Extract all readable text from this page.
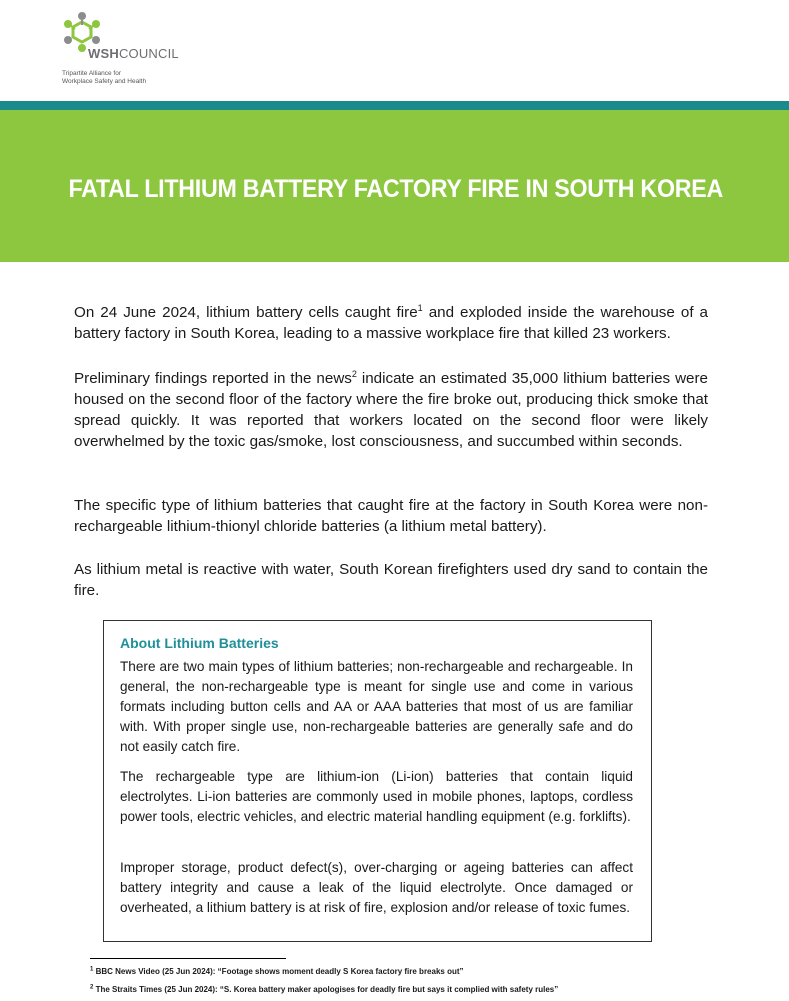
WSHCOUNCIL
Tripartite Alliance for
Workplace Safety and Health
FATAL LITHIUM BATTERY FACTORY FIRE IN SOUTH KOREA

On 24 June 2024, lithium battery cells caught fire$^1$ and exploded inside the warehouse of a battery factory in South Korea, leading to a massive workplace fire that killed 23 workers.

Preliminary findings reported in the news$^2$ indicate an estimated 35,000 lithium batteries were housed on the second floor of the factory where the fire broke out, producing thick smoke that spread quickly. It was reported that workers located on the second floor were likely overwhelmed by the toxic gas/smoke, lost consciousness, and succumbed within seconds.

The specific type of lithium batteries that caught fire at the factory in South Korea were non-rechargeable lithium-thionyl chloride batteries (a lithium metal battery).

As lithium metal is reactive with water, South Korean firefighters used dry sand to contain the fire.

About Lithium Batteries

There are two main types of lithium batteries; non-rechargeable and rechargeable. In general, the non-rechargeable type is meant for single use and come in various formats including button cells and AA or AAA batteries that most of us are familiar with. With proper single use, non-rechargeable batteries are generally safe and do not easily catch fire.

The rechargeable type are lithium-ion (Li-ion) batteries that contain liquid electrolytes. Li-ion batteries are commonly used in mobile phones, laptops, cordless power tools, electric vehicles, and electric material handling equipment (e.g. forklifts).

Improper storage, product defect(s), over-charging or ageing batteries can affect battery integrity and cause a leak of the liquid electrolyte. Once damaged or overheated, a lithium battery is at risk of fire, explosion and/or release of toxic fumes.

$^1$ BBC News Video (25 Jun 2024): “Footage shows moment deadly S Korea factory fire breaks out”
$^2$ The Straits Times (25 Jun 2024): “S. Korea battery maker apologises for deadly fire but says it complied with safety rules”
